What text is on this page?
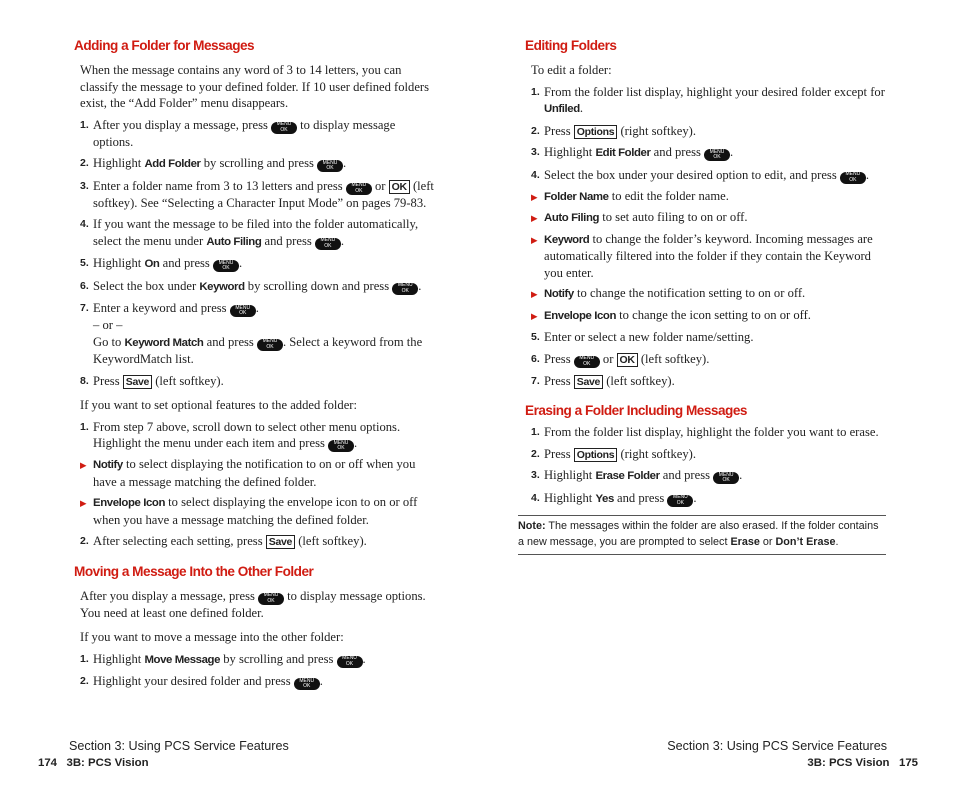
Adding a Folder for Messages

When the message contains any word of 3 to 14 letters, you can classify the message to your defined folder. If 10 user defined folders exist, the “Add Folder” menu disappears.

1. After you display a message, press MENU
OK to display message options.
2. Highlight Add Folder by scrolling and press MENU
OK .
3. Enter a folder name from 3 to 13 letters and press MENU
OK or OK (left softkey). See “Selecting a Character Input Mode” on pages 79-83.
4. If you want the message to be filed into the folder automatically, select the menu under Auto Filing and press MENU
OK .
5. Highlight On and press MENU
OK .
6. Select the box under Keyword by scrolling down and press MENU
OK .
7. Enter a keyword and press MENU
OK .
– or –
Go to Keyword Match and press MENU
OK . Select a keyword from the KeywordMatch list.
8. Press Save (left softkey).

If you want to set optional features to the added folder:

1. From step 7 above, scroll down to select other menu options. Highlight the menu under each item and press MENU
OK .
▶ Notify to select displaying the notification to on or off when you have a message matching the defined folder.
▶ Envelope Icon to select displaying the envelope icon to on or off when you have a message matching the defined folder.
2. After selecting each setting, press Save (left softkey).
Moving a Message Into the Other Folder

After you display a message, press MENU
OK to display message options. You need at least one defined folder.

If you want to move a message into the other folder:

1. Highlight Move Message by scrolling and press MENU
OK .
2. Highlight your desired folder and press MENU
OK .
Editing Folders

To edit a folder:

1. From the folder list display, highlight your desired folder except for Unfiled.
2. Press Options (right softkey).
3. Highlight Edit Folder and press MENU
OK .
4. Select the box under your desired option to edit, and press MENU
OK .
▶ Folder Name to edit the folder name.
▶ Auto Filing to set auto filing to on or off.
▶ Keyword to change the folder’s keyword. Incoming messages are automatically filtered into the folder if they contain the Keyword you enter.
▶ Notify to change the notification setting to on or off.
▶ Envelope Icon to change the icon setting to on or off.
5. Enter or select a new folder name/setting.
6. Press MENU
OK or OK (left softkey).
7. Press Save (left softkey).
Erasing a Folder Including Messages
1. From the folder list display, highlight the folder you want to erase.
2. Press Options (right softkey).
3. Highlight Erase Folder and press MENU
OK .
4. Highlight Yes and press MENU
OK .
Note: The messages within the folder are also erased. If the folder contains a new message, you are prompted to select Erase or Don’t Erase.
Section 3: Using PCS Service Features
174   3B: PCS Vision
Section 3: Using PCS Service Features
3B: PCS Vision   175
